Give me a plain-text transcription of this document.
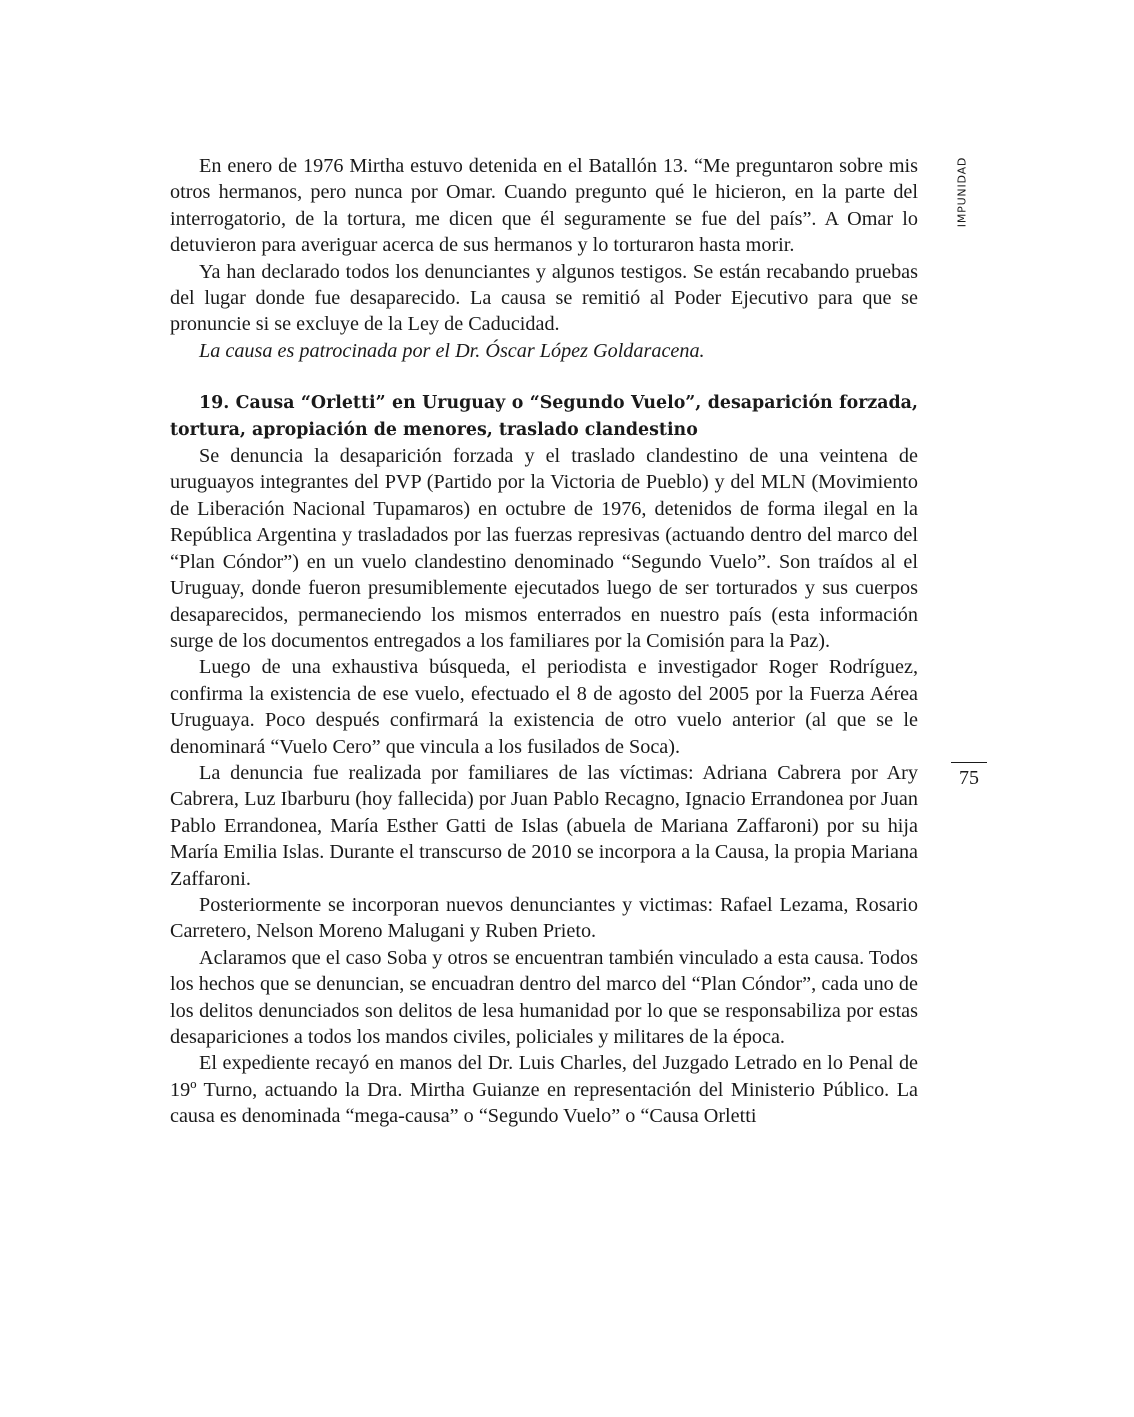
IMPUNIDAD

En enero de 1976 Mirtha estuvo detenida en el Batallón 13. “Me preguntaron sobre mis otros hermanos, pero nunca por Omar. Cuando pregunto qué le hicieron, en la parte del interrogatorio, de la tortura, me dicen que él seguramente se fue del país”. A Omar lo detuvieron para averiguar acerca de sus hermanos y lo torturaron hasta morir.

Ya han declarado todos los denunciantes y algunos testigos. Se están recabando pruebas del lugar donde fue desaparecido. La causa se remitió al Poder Ejecutivo para que se pronuncie si se excluye de la Ley de Caducidad.

La causa es patrocinada por el Dr. Óscar López Goldaracena.

19. Causa “Orletti” en Uruguay o “Segundo Vuelo”, desaparición forzada, tortura, apropiación de menores, traslado clandestino

Se denuncia la desaparición forzada y el traslado clandestino de una veintena de uruguayos integrantes del PVP (Partido por la Victoria de Pueblo) y del MLN (Movimiento de Liberación Nacional Tupamaros) en octubre de 1976, detenidos de forma ilegal en la República Argentina y trasladados por las fuerzas represivas (actuando dentro del marco del “Plan Cóndor”) en un vuelo clandestino denominado “Segundo Vuelo”. Son traídos al el Uruguay, donde fueron presumiblemente ejecutados luego de ser torturados y sus cuerpos desaparecidos, permaneciendo los mismos enterrados en nuestro país (esta información surge de los documentos entregados a los familiares por la Comisión para la Paz).

Luego de una exhaustiva búsqueda, el periodista e investigador Roger Rodríguez, confirma la existencia de ese vuelo, efectuado el 8 de agosto del 2005 por la Fuerza Aérea Uruguaya. Poco después confirmará la existencia de otro vuelo anterior (al que se le denominará “Vuelo Cero” que vincula a los fusilados de Soca).

La denuncia fue realizada por familiares de las víctimas: Adriana Cabrera por Ary Cabrera, Luz Ibarburu (hoy fallecida) por Juan Pablo Recagno, Ignacio Errandonea por Juan Pablo Errandonea, María Esther Gatti de Islas (abuela de Mariana Zaffaroni) por su hija María Emilia Islas. Durante el transcurso de 2010 se incorpora a la Causa, la propia Mariana Zaffaroni.

Posteriormente se incorporan nuevos denunciantes y victimas: Rafael Lezama, Rosario Carretero, Nelson Moreno Malugani y Ruben Prieto.

Aclaramos que el caso Soba y otros se encuentran también vinculado a esta causa. Todos los hechos que se denuncian, se encuadran dentro del marco del “Plan Cóndor”, cada uno de los delitos denunciados son delitos de lesa humanidad por lo que se responsabiliza por estas desapariciones a todos los mandos civiles, policiales y militares de la época.

El expediente recayó en manos del Dr. Luis Charles, del Juzgado Letrado en lo Penal de 19º Turno, actuando la Dra. Mirtha Guianze en representación del Ministerio Público. La causa es denominada “mega-causa” o “Segundo Vuelo” o “Causa Orletti

75
